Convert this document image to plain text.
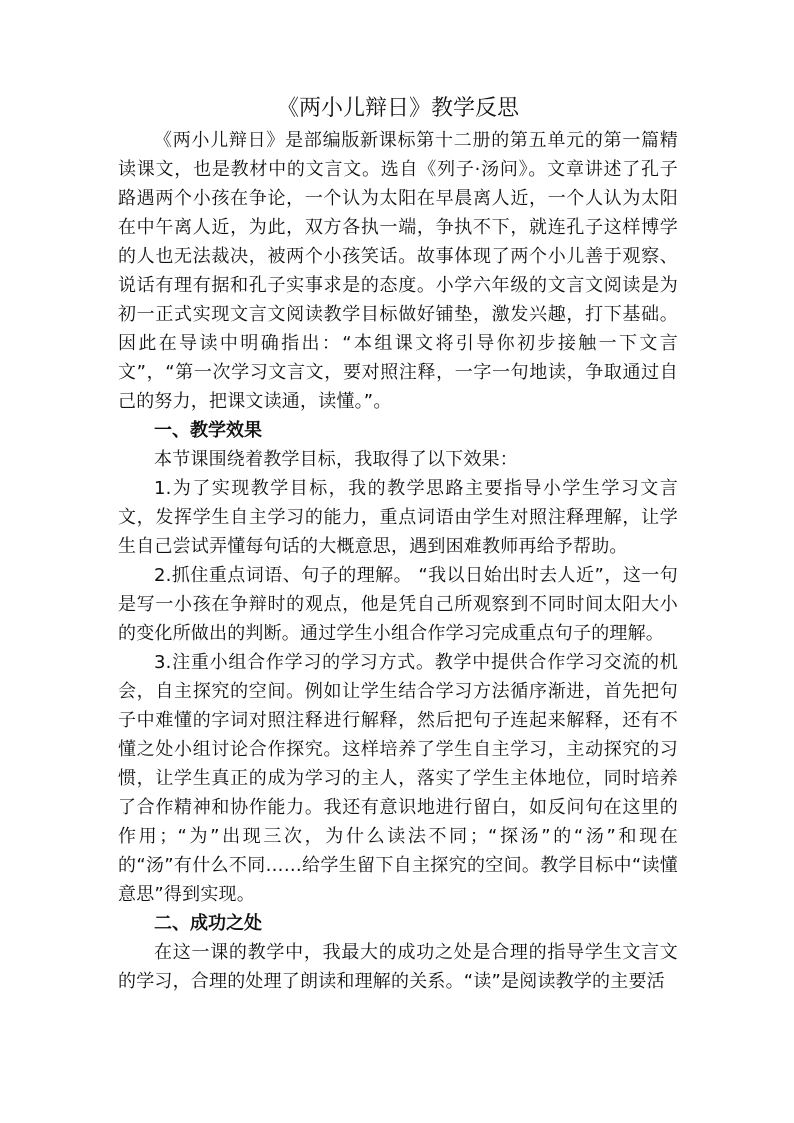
《两小儿辩日》教学反思

《两小儿辩日》是部编版新课标第十二册的第五单元的第一篇精读课文，也是教材中的文言文。选自《列子·汤问》。文章讲述了孔子路遇两个小孩在争论，一个认为太阳在早晨离人近，一个人认为太阳在中午离人近，为此，双方各执一端，争执不下，就连孔子这样博学的人也无法裁决，被两个小孩笑话。故事体现了两个小儿善于观察、说话有理有据和孔子实事求是的态度。小学六年级的文言文阅读是为初一正式实现文言文阅读教学目标做好铺垫，激发兴趣，打下基础。因此在导读中明确指出：“本组课文将引导你初步接触一下文言文”，“第一次学习文言文，要对照注释，一字一句地读，争取通过自己的努力，把课文读通，读懂。”。

一、教学效果

本节课围绕着教学目标，我取得了以下效果：

1.为了实现教学目标，我的教学思路主要指导小学生学习文言文，发挥学生自主学习的能力，重点词语由学生对照注释理解，让学生自己尝试弄懂每句话的大概意思，遇到困难教师再给予帮助。

2.抓住重点词语、句子的理解。 “我以日始出时去人近”，这一句是写一小孩在争辩时的观点，他是凭自己所观察到不同时间太阳大小的变化所做出的判断。通过学生小组合作学习完成重点句子的理解。

3.注重小组合作学习的学习方式。教学中提供合作学习交流的机会，自主探究的空间。例如让学生结合学习方法循序渐进，首先把句子中难懂的字词对照注释进行解释，然后把句子连起来解释，还有不懂之处小组讨论合作探究。这样培养了学生自主学习，主动探究的习惯，让学生真正的成为学习的主人，落实了学生主体地位，同时培养了合作精神和协作能力。我还有意识地进行留白，如反问句在这里的作用；“为”出现三次，为什么读法不同；“探汤”的“汤”和现在的“汤”有什么不同……给学生留下自主探究的空间。教学目标中“读懂意思”得到实现。

二、成功之处

在这一课的教学中，我最大的成功之处是合理的指导学生文言文的学习，合理的处理了朗读和理解的关系。“读”是阅读教学的主要活
